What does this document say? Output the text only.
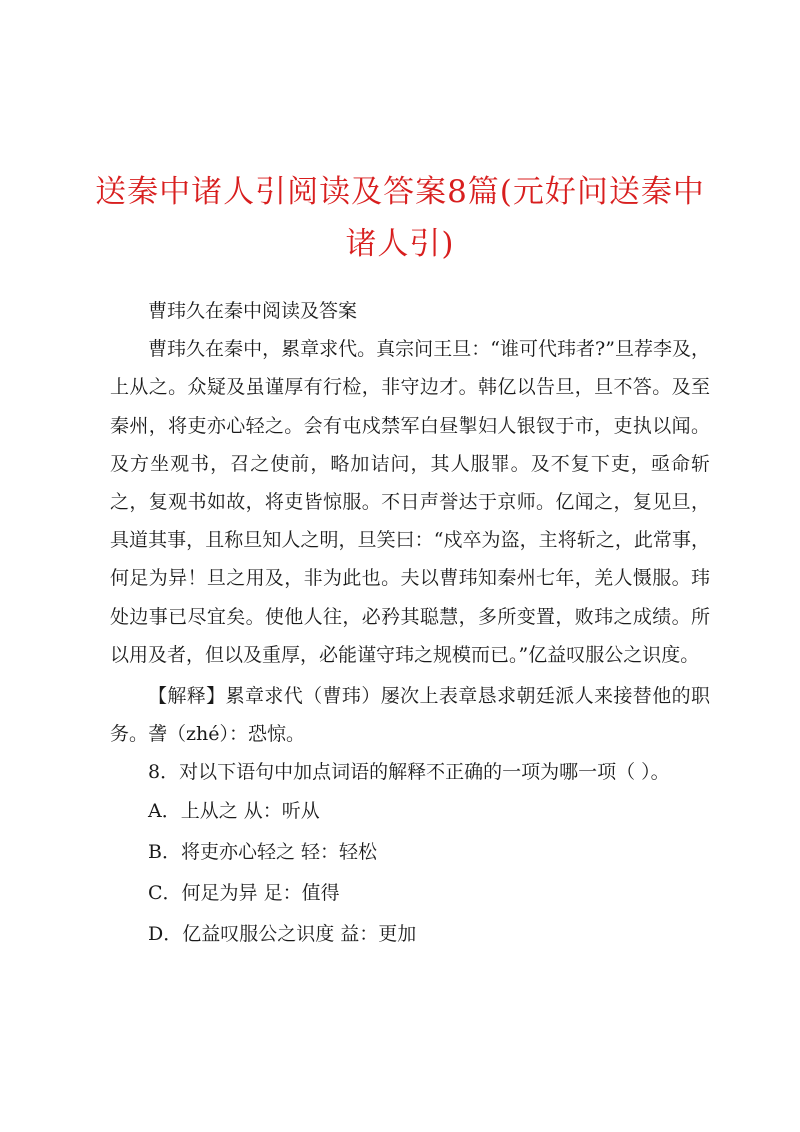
送秦中诸人引阅读及答案8篇(元好问送秦中诸人引)

曹玮久在秦中阅读及答案

曹玮久在秦中，累章求代。真宗问王旦：“谁可代玮者?”旦荐李及，上从之。众疑及虽谨厚有行检，非守边才。韩亿以告旦，旦不答。及至秦州，将吏亦心轻之。会有屯戍禁军白昼掣妇人银钗于市，吏执以闻。及方坐观书，召之使前，略加诘问，其人服罪。及不复下吏，亟命斩之，复观书如故，将吏皆惊服。不日声誉达于京师。亿闻之，复见旦，具道其事，且称旦知人之明，旦笑曰：“戍卒为盗，主将斩之，此常事，何足为异！旦之用及，非为此也。夫以曹玮知秦州七年，羌人慑服。玮处边事已尽宜矣。使他人往，必矜其聪慧，多所变置，败玮之成绩。所以用及者，但以及重厚，必能谨守玮之规模而已。”亿益叹服公之识度。

【解释】累章求代（曹玮）屡次上表章恳求朝廷派人来接替他的职务。詟（zhé）：恐惊。

8．对以下语句中加点词语的解释不正确的一项为哪一项（ ）。

A．上从之 从：听从

B．将吏亦心轻之 轻：轻松

C．何足为异 足：值得

D．亿益叹服公之识度 益：更加
